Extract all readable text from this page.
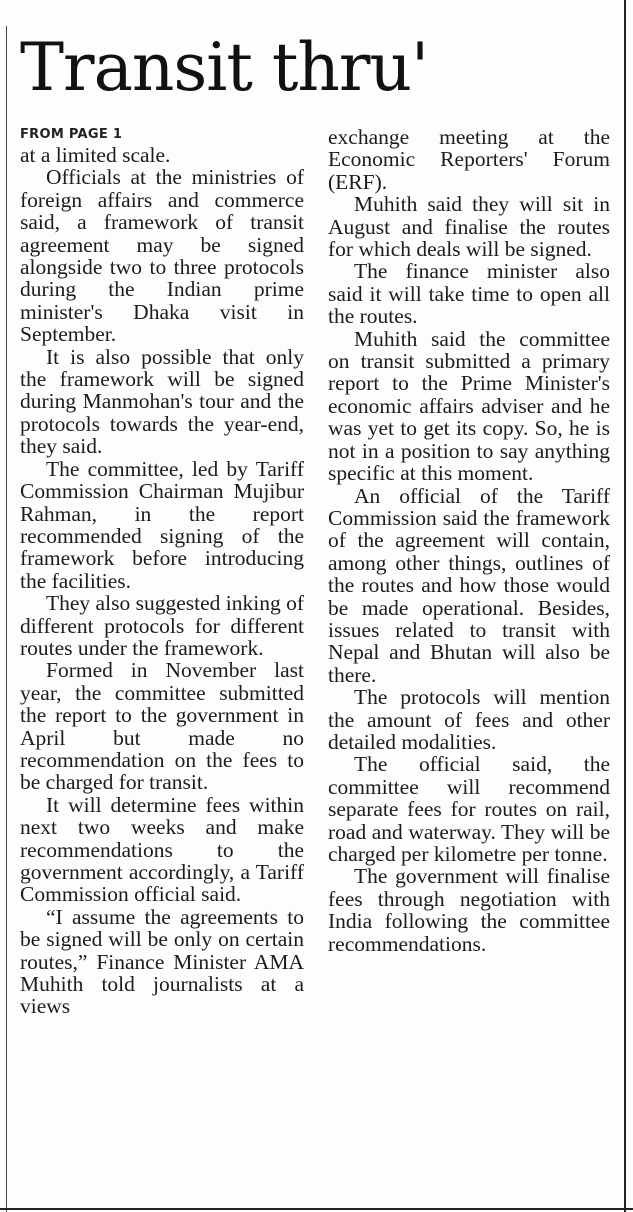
Transit thru'
FROM PAGE 1

at a limited scale.

Officials at the ministries of foreign affairs and commerce said, a framework of transit agreement may be signed alongside two to three protocols during the Indian prime minister's Dhaka visit in September.

It is also possible that only the framework will be signed during Manmohan's tour and the protocols towards the year-end, they said.

The committee, led by Tariff Commission Chairman Mujibur Rahman, in the report recommended signing of the framework before introducing the facilities.

They also suggested inking of different protocols for different routes under the framework.

Formed in November last year, the committee submitted the report to the government in April but made no recommendation on the fees to be charged for transit.

It will determine fees within next two weeks and make recommendations to the government accordingly, a Tariff Commission official said.

“I assume the agreements to be signed will be only on certain routes,” Finance Minister AMA Muhith told journalists at a views

exchange meeting at the Economic Reporters' Forum (ERF).

Muhith said they will sit in August and finalise the routes for which deals will be signed.

The finance minister also said it will take time to open all the routes.

Muhith said the committee on transit submitted a primary report to the Prime Minister's economic affairs adviser and he was yet to get its copy. So, he is not in a position to say anything specific at this moment.

An official of the Tariff Commission said the framework of the agreement will contain, among other things, outlines of the routes and how those would be made operational. Besides, issues related to transit with Nepal and Bhutan will also be there.

The protocols will mention the amount of fees and other detailed modalities.

The official said, the committee will recommend separate fees for routes on rail, road and waterway. They will be charged per kilometre per tonne.

The government will finalise fees through negotiation with India following the committee recommendations.
